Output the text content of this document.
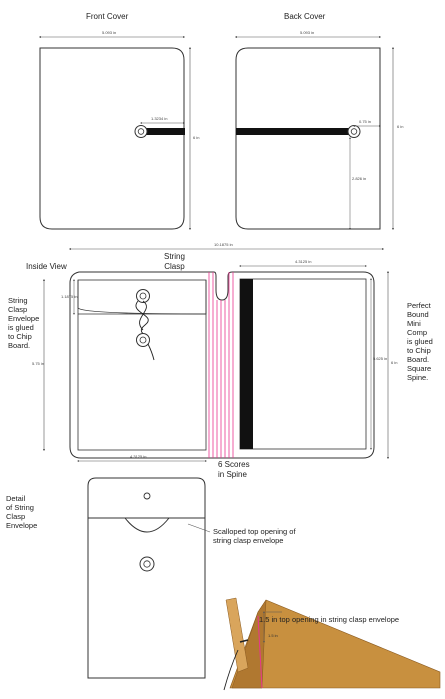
Front Cover
5.093 in
6 in
1.3234 in
Back Cover
5.093 in
6 in
0.75 in
2.826 in
10.1875 in
Inside View
String
Clasp
4.3125 in
1.1875 in
5.75 in
5.625 in
6 in
4.3125 in
6 Scores
in Spine
String
Clasp
Envelope
is glued
to Chip
Board.
Perfect
Bound
Mini
Comp
is glued
to Chip
Board.
Square
Spine.
Detail
of String
Clasp
Envelope
Scalloped top opening of
string clasp envelope
1.5 in top opening in string clasp envelope
1.5 in
